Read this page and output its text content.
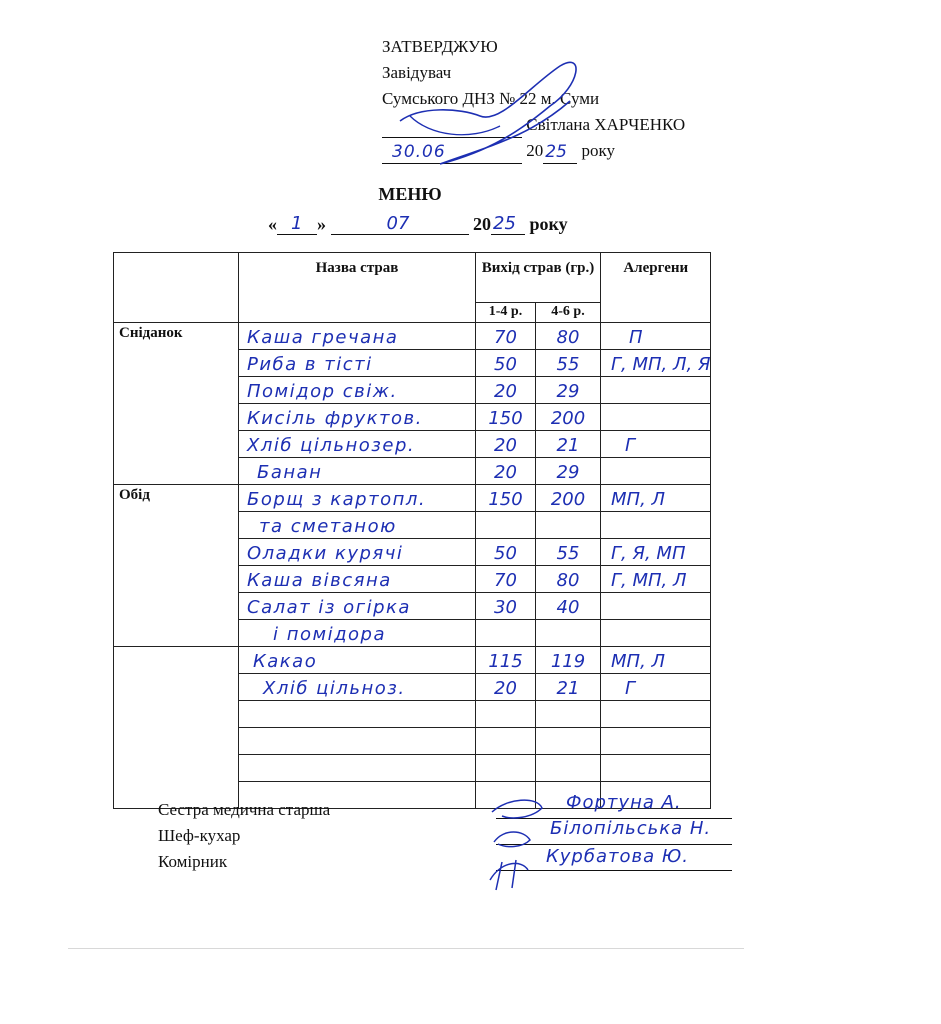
ЗАТВЕРДЖУЮ
Завідувач
Сумського ДНЗ № 22 м. Суми
Світлана ХАРЧЕНКО
30.06	20 25 року
МЕНЮ
« 1 »	07	20 25 року
	Назва страв	Вихід страв (гр.)		Алергени
		1-4 р.	4-6 р.	
Сніданок	Каша гречана	70	80	П
	Риба в тісті	50	55	Г, МП, Л, Я
	Помідор свіж.	20	29	
	Кисіль фруктов.	150	200	
	Хліб цільнозер.	20	21	Г
	Банан	20	29	
Обід	Борщ з картопл.	150	200	МП, Л
	та сметаною			
	Оладки курячі	50	55	Г, Я, МП
	Каша вівсяна	70	80	Г, МП, Л
	Салат із огірка	30	40	
	і помідора			
	Какао	115	119	МП, Л
	Хліб цільноз.	20	21	Г

Сестра медична старша
Шеф-кухар
Комірник
Фортуна А.
Білопільська Н.
Курбатова Ю.
